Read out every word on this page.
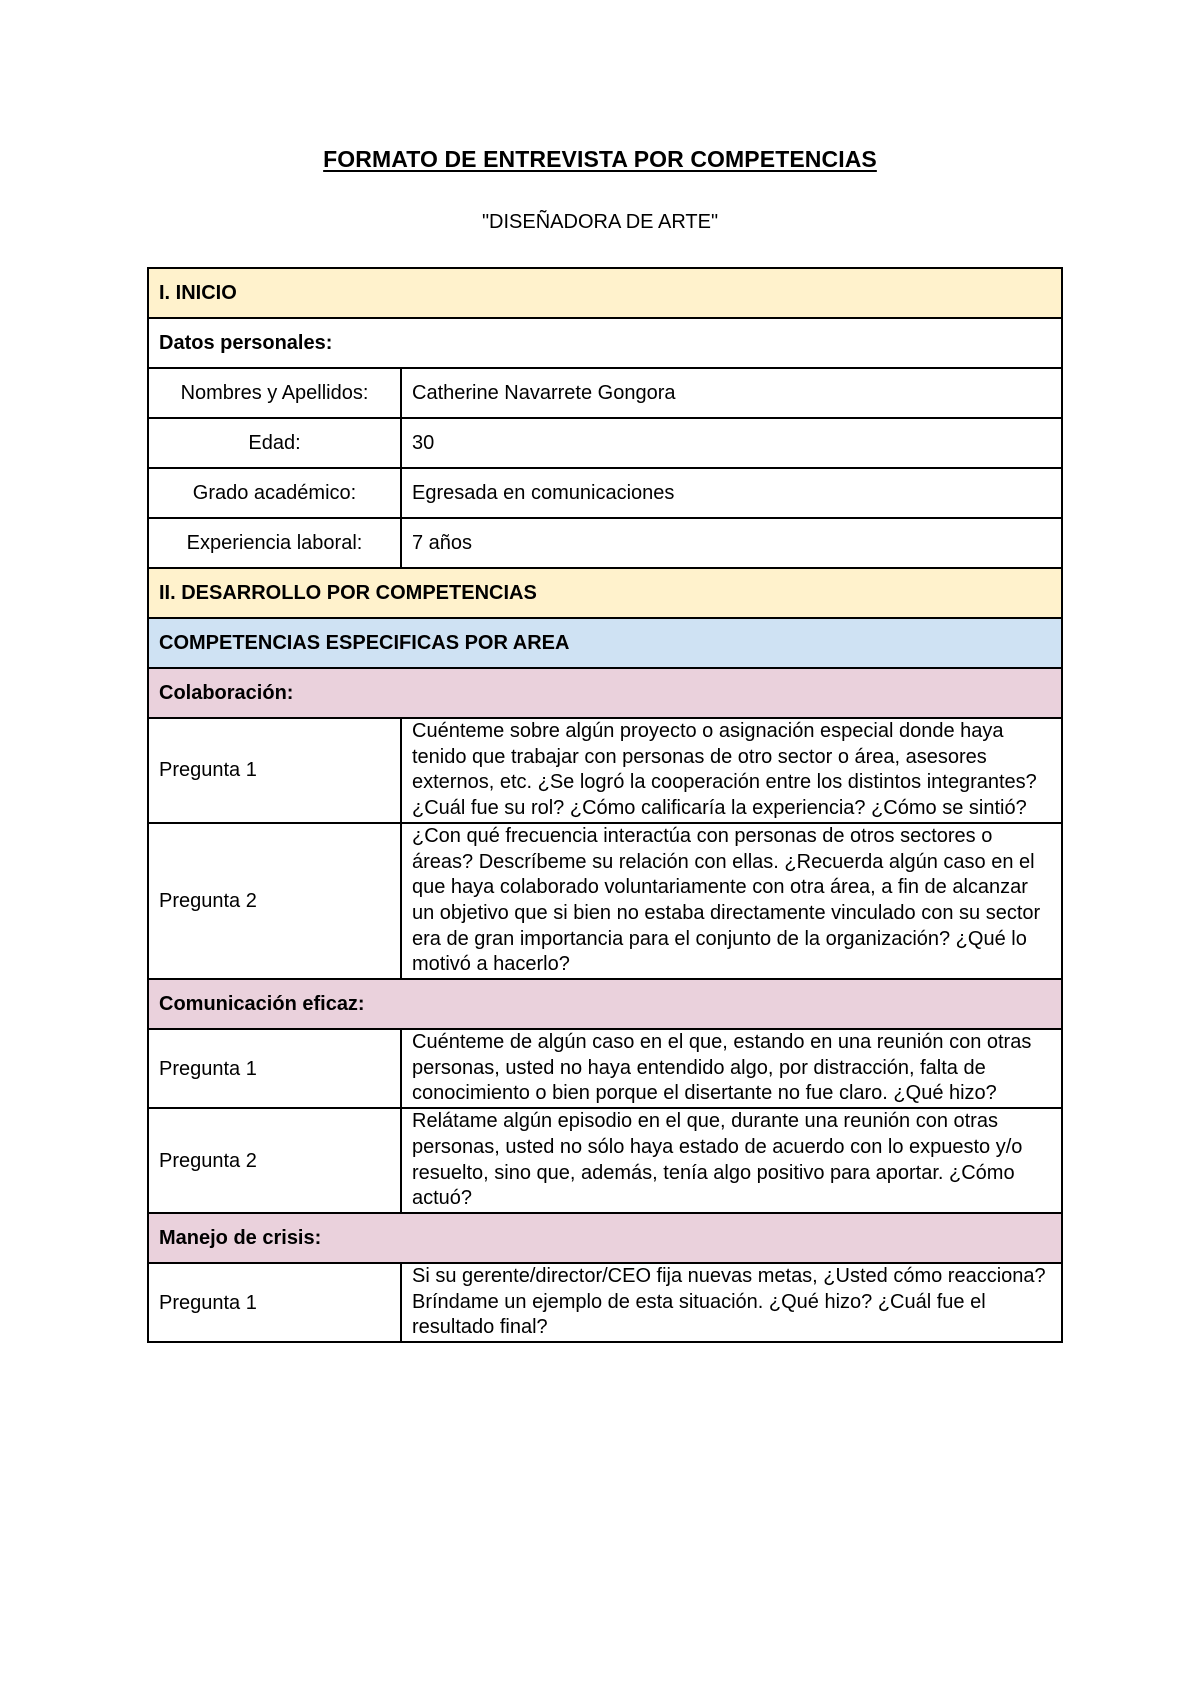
FORMATO DE ENTREVISTA POR COMPETENCIAS
"DISEÑADORA DE ARTE"
I. INICIO	
Datos personales:	
Nombres y Apellidos:	Catherine Navarrete Gongora
Edad:	30
Grado académico:	Egresada en comunicaciones
Experiencia laboral:	7 años
II. DESARROLLO POR COMPETENCIAS	
COMPETENCIAS ESPECIFICAS POR AREA	
Colaboración:	
Pregunta 1	Cuénteme sobre algún proyecto o asignación especial donde haya tenido que trabajar con personas de otro sector o área, asesores externos, etc. ¿Se logró la cooperación entre los distintos integrantes? ¿Cuál fue su rol? ¿Cómo calificaría la experiencia? ¿Cómo se sintió?
Pregunta 2	¿Con qué frecuencia interactúa con personas de otros sectores o áreas? Descríbeme su relación con ellas. ¿Recuerda algún caso en el que haya colaborado voluntariamente con otra área, a fin de alcanzar un objetivo que si bien no estaba directamente vinculado con su sector era de gran importancia para el conjunto de la organización? ¿Qué lo motivó a hacerlo?
Comunicación eficaz:	
Pregunta 1	Cuénteme de algún caso en el que, estando en una reunión con otras personas, usted no haya entendido algo, por distracción, falta de conocimiento o bien porque el disertante no fue claro. ¿Qué hizo?
Pregunta 2	Relátame algún episodio en el que, durante una reunión con otras personas, usted no sólo haya estado de acuerdo con lo expuesto y/o resuelto, sino que, además, tenía algo positivo para aportar. ¿Cómo actuó?
Manejo de crisis:	
Pregunta 1	Si su gerente/director/CEO fija nuevas metas, ¿Usted cómo reacciona? Bríndame un ejemplo de esta situación. ¿Qué hizo? ¿Cuál fue el resultado final?
